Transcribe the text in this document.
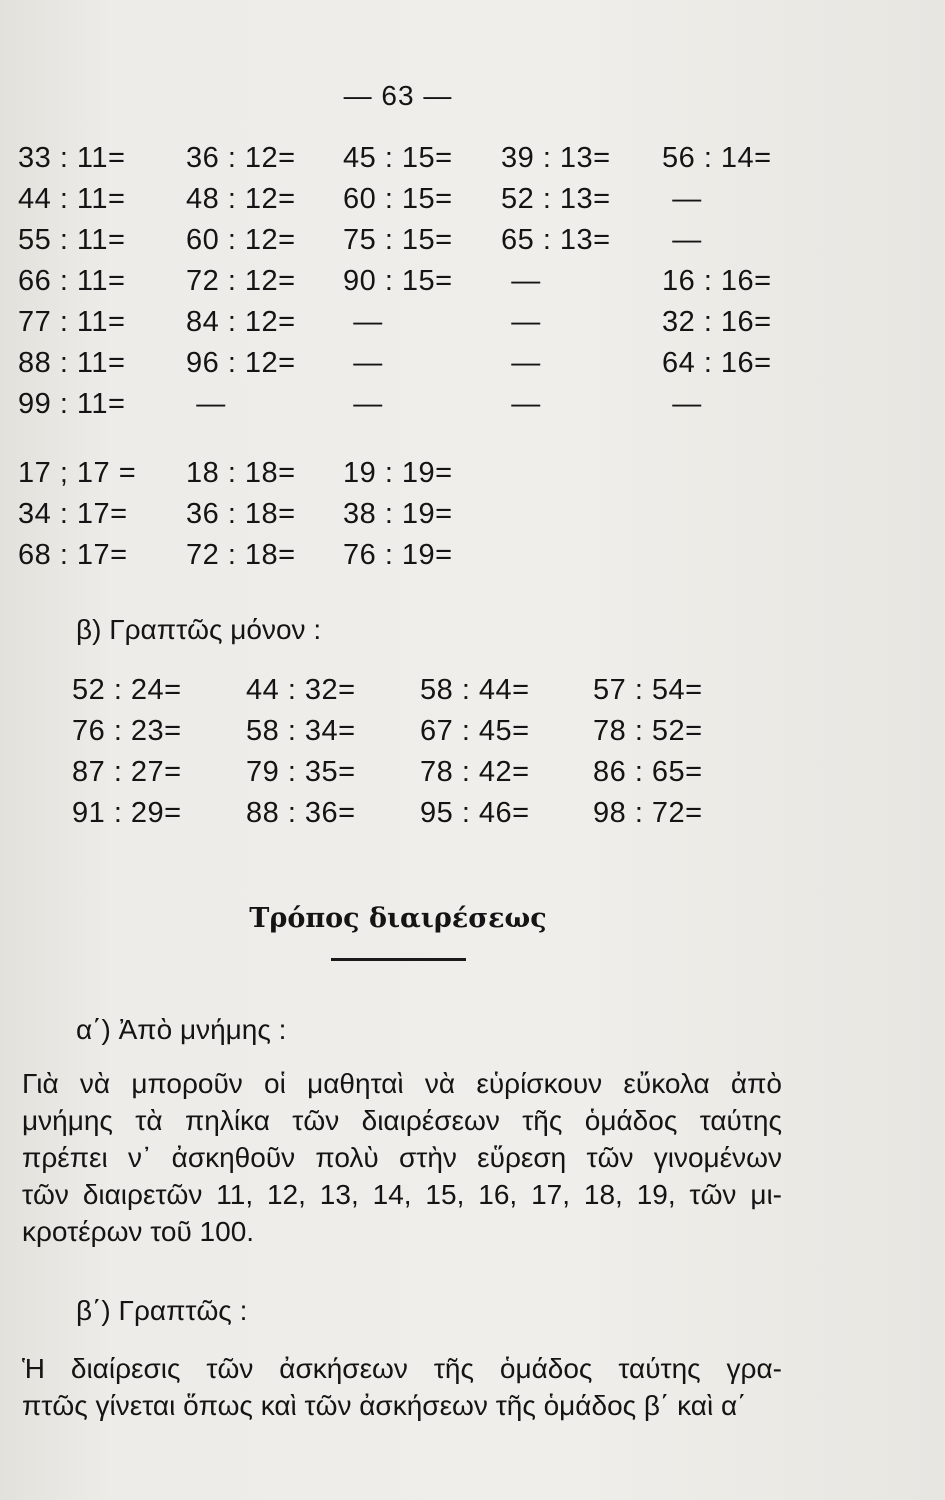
— 63 —
33 : 11= 36 : 12= 45 : 15= 39 : 13= 56 : 14=
44 : 11= 48 : 12= 60 : 15= 52 : 13=	—
55 : 11= 60 : 12= 75 : 15= 65 : 13=	—
66 : 11= 72 : 12= 90 : 15=	—	16 : 16=
77 : 11= 84 : 12=	—	—	32 : 16=
88 : 11= 96 : 12=	—	—	64 : 16=
99 : 11=	—	—	—	—
17 ; 17 = 18 : 18= 19 : 19=
34 : 17= 36 : 18= 38 : 19=
68 : 17= 72 : 18= 76 : 19=
β) Γραπτῶς μόνον :
52 : 24= 44 : 32= 58 : 44= 57 : 54=
76 : 23= 58 : 34= 67 : 45= 78 : 52=
87 : 27= 79 : 35= 78 : 42= 86 : 65=
91 : 29= 88 : 36= 95 : 46= 98 : 72=
Τρόπος διαιρέσεως
α΄) Ἀπὸ μνήμης :
Γιὰ νὰ μποροῦν οἱ μαθηταὶ νὰ εὑρίσκουν εὔκολα ἀπὸ
μνήμης τὰ πηλίκα τῶν διαιρέσεων τῆς ὁμάδος ταύτης
πρέπει ν᾽ ἀσκηθοῦν πολὺ στὴν εὕρεση τῶν γινομένων
τῶν διαιρετῶν 11, 12, 13, 14, 15, 16, 17, 18, 19, τῶν μι-
κροτέρων τοῦ 100.
β΄) Γραπτῶς :
Ἡ διαίρεσις τῶν ἀσκήσεων τῆς ὁμάδος ταύτης γρα-
πτῶς γίνεται ὅπως καὶ τῶν ἀσκήσεων τῆς ὁμάδος β΄ καὶ α΄
